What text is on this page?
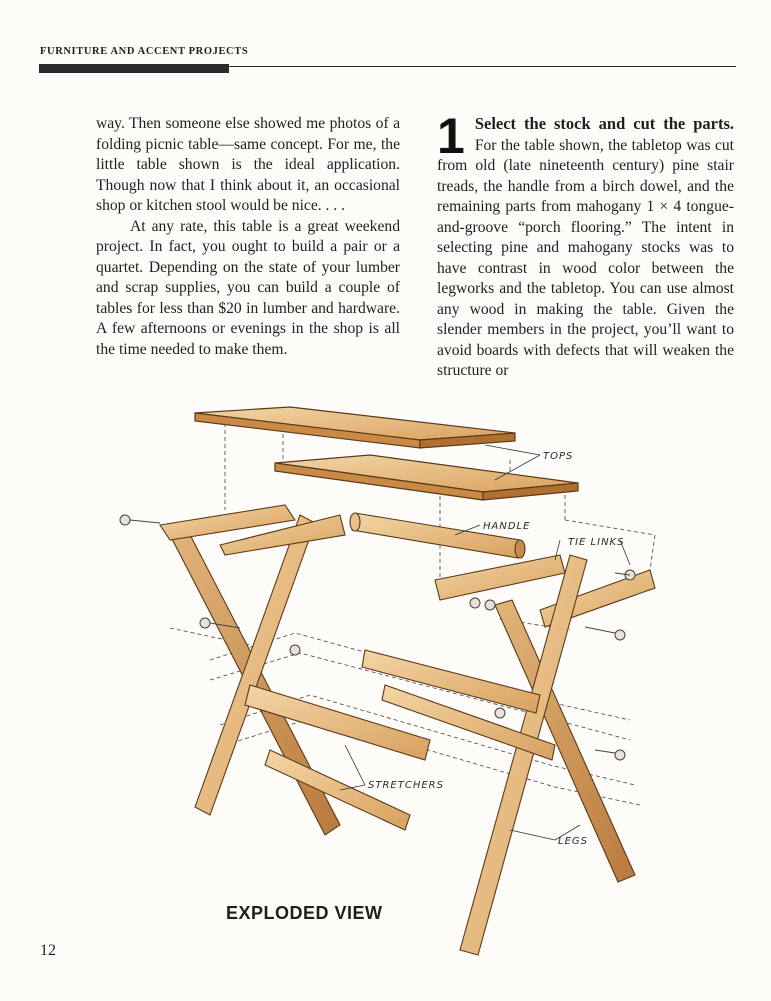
FURNITURE AND ACCENT PROJECTS

way. Then someone else showed me photos of a folding picnic table—same concept. For me, the little table shown is the ideal application. Though now that I think about it, an occasional shop or kitchen stool would be nice. . . .

At any rate, this table is a great weekend project. In fact, you ought to build a pair or a quartet. Depending on the state of your lumber and scrap supplies, you can build a couple of tables for less than $20 in lumber and hardware. A few afternoons or evenings in the shop is all the time needed to make them.

1 Select the stock and cut the parts. For the table shown, the tabletop was cut from old (late nineteenth century) pine stair treads, the handle from a birch dowel, and the remaining parts from mahogany 1 × 4 tongue-and-groove “porch flooring.” The intent in selecting pine and mahogany stocks was to have contrast in wood color between the legworks and the tabletop. You can use almost any wood in making the table. Given the slender members in the project, you’ll want to avoid boards with defects that will weaken the structure or
TOPS
HANDLE
TIE LINKS
STRETCHERS
LEGS
EXPLODED VIEW
12
